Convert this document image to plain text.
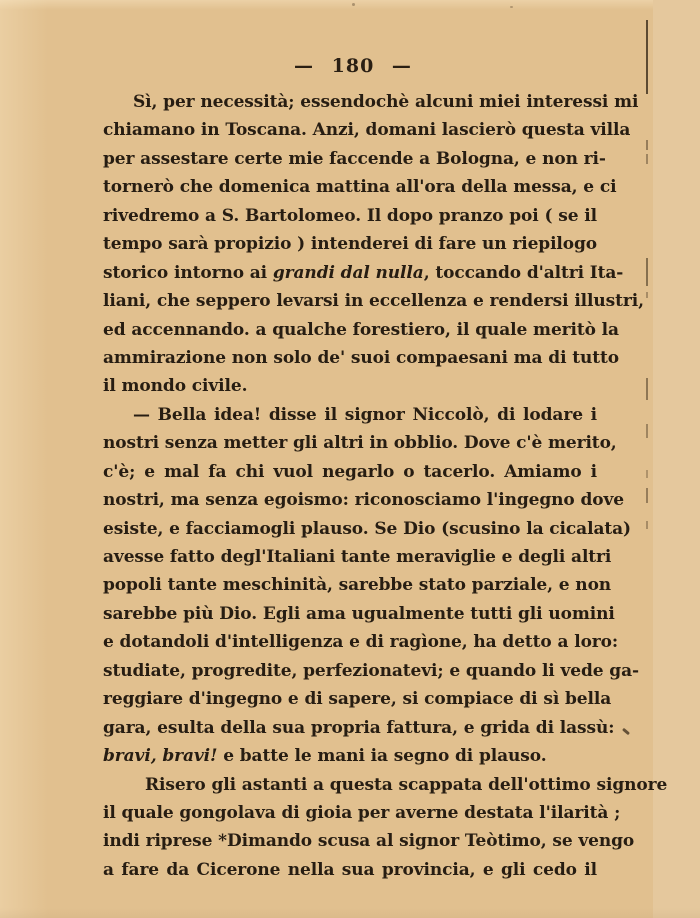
— 180 —
Sì, per necessità; essendochè alcuni miei interessi mi
chiamano in Toscana. Anzi, domani lascierò questa villa
per assestare certe mie faccende a Bologna, e non ri-
tornerò che domenica mattina all'ora della messa, e ci
rivedremo a S. Bartolomeo. Il dopo pranzo poi ( se il
tempo sarà propizio ) intenderei di fare un riepilogo
storico intorno ai grandi dal nulla, toccando d'altri Ita-
liani, che seppero levarsi in eccellenza e rendersi illustri,
ed accennando. a qualche forestiero, il quale meritò la
ammirazione non solo de' suoi compaesani ma di tutto
il mondo civile.
— Bella idea! disse il signor Niccolò, di lodare i
nostri senza metter gli altri in obblio. Dove c'è merito,
c'è; e mal fa chi vuol negarlo o tacerlo. Amiamo i
nostri, ma senza egoismo: riconosciamo l'ingegno dove
esiste, e facciamogli plauso. Se Dio (scusino la cicalata)
avesse fatto degl'Italiani tante meraviglie e degli altri
popoli tante meschinità, sarebbe stato parziale, e non
sarebbe più Dio. Egli ama ugualmente tutti gli uomini
e dotandoli d'intelligenza e di ragìone, ha detto a loro:
studiate, progredite, perfezionatevi; e quando li vede ga-
reggiare d'ingegno e di sapere, si compiace di sì bella
gara, esulta della sua propria fattura, e grida di lassù:
bravi, bravi! e batte le mani ia segno di plauso.
Risero gli astanti a questa scappata dell'ottimo signore
il quale gongolava di gioia per averne destata l'ilarità ;
indi riprese *Dimando scusa al signor Teòtimo, se vengo
a fare da Cicerone nella sua provincia, e gli cedo il
